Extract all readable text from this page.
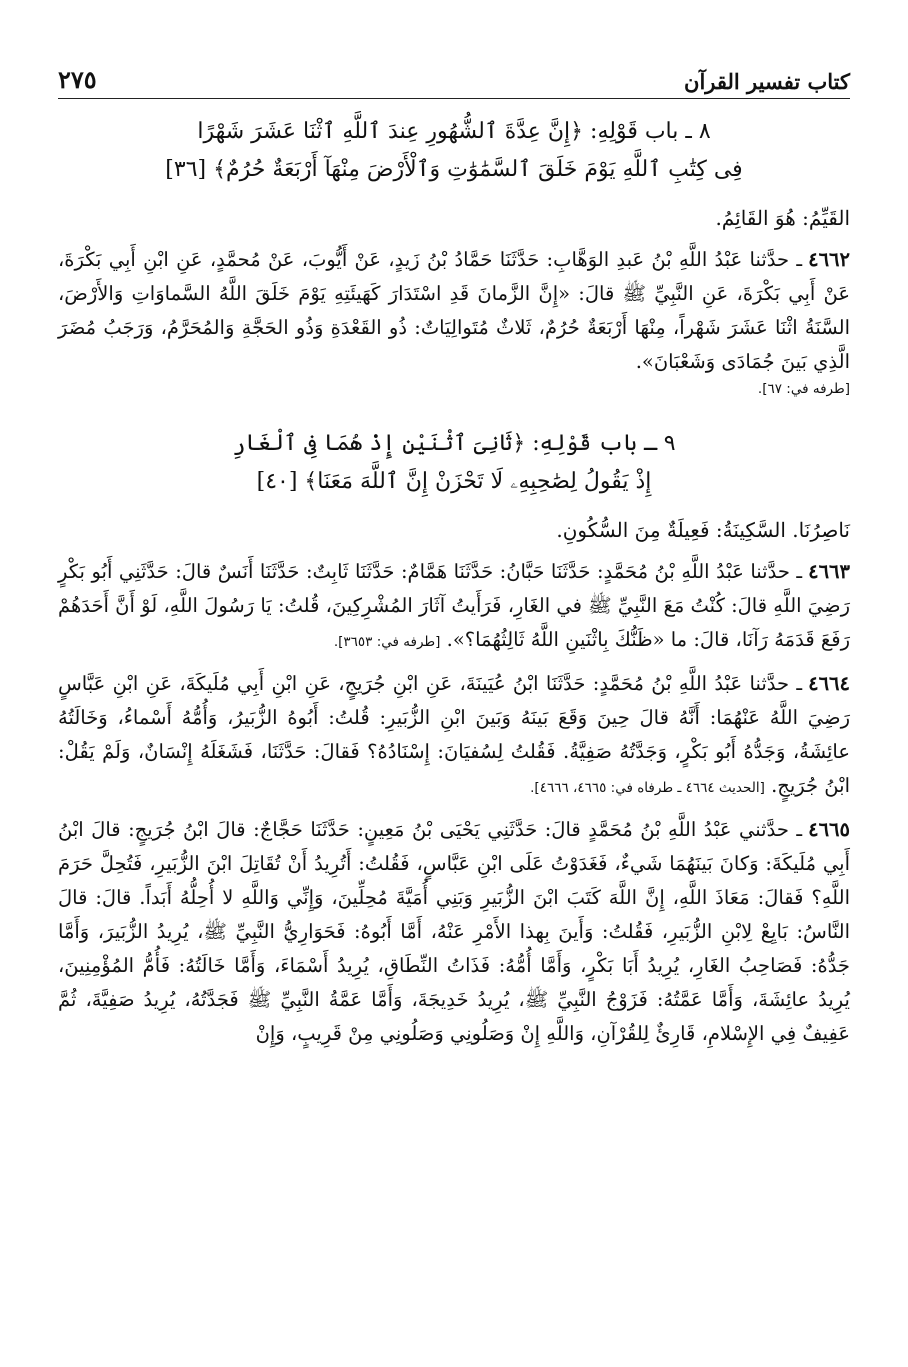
كتاب تفسير القرآن
٢٧٥
٨ ـ باب قَوْلِهِ: ﴿إِنَّ عِدَّةَ ٱلشُّهُورِ عِندَ ٱللَّهِ ٱثْنَا عَشَرَ شَهْرًا
فِى كِتَٰبِ ٱللَّهِ يَوْمَ خَلَقَ ٱلسَّمَٰوَٰتِ وَٱلْأَرْضَ مِنْهَآ أَرْبَعَةٌ حُرُمٌ﴾ [٣٦]
القَيِّمُ: هُوَ القَائِمُ.
٤٦٦٢ـ حدَّثنا عَبْدُ اللَّهِ بْنُ عَبدِ الوَهَّابِ: حَدَّثَنَا حَمَّادُ بْنُ زَيدٍ، عَنْ أَيُّوبَ، عَنْ مُحمَّدٍ، عَنِ ابْنِ أَبِي بَكْرَةَ، عَنْ أَبِي بَكْرَةَ، عَنِ النَّبِيِّ ﷺ قالَ: «إِنَّ الزَّمانَ قَدِ اسْتَدَارَ كَهَيئَتِهِ يَوْمَ خَلَقَ اللَّهُ السَّماوَاتِ وَالأَرْضَ، السَّنَةُ اثْنَا عَشَرَ شَهْراً، مِنْهَا أَرْبَعَةٌ حُرُمٌ، ثَلاثٌ مُتَوالِيَاتٌ: ذُو القَعْدَةِ وَذُو الحَجَّةِ وَالمُحَرَّمُ، وَرَجَبُ مُضَرَ الَّذِي بَينَ جُمَادَى وَشَعْبَانَ».
[طرفه في: ٦٧].
٩ ـ باب قَوْلِهِ: ﴿ثَانِىَ ٱثْنَيْنِ إِذْ هُمَا فِى ٱلْغَارِ
إِذْ يَقُولُ لِصَٰحِبِهِۦ لَا تَحْزَنْ إِنَّ ٱللَّهَ مَعَنَا﴾ [٤٠]
نَاصِرُنَا. السَّكِينَةُ: فَعِيلَةٌ مِنَ السُّكُونِ.
٤٦٦٣ـ حدَّثنا عَبْدُ اللَّهِ بْنُ مُحَمَّدٍ: حَدَّثَنَا حَبَّانُ: حَدَّثَنَا هَمَّامٌ: حَدَّثَنَا ثَابِتٌ: حَدَّثَنَا أَنَسٌ قالَ: حَدَّثَنِي أَبُو بَكْرٍ رَضِيَ اللَّهِ قالَ: كُنْتُ مَعَ النَّبِيِّ ﷺ في الغَارِ، فَرَأَيتُ آثَارَ المُشْرِكِينَ، قُلتُ: يَا رَسُولَ اللَّهِ، لَوْ أَنَّ أَحَدَهُمْ رَفَعَ قَدَمَهُ رَآنَا، قالَ: ما «ظَنُّكَ بِاثْنَينِ اللَّهُ ثَالِثُهُمَا؟». [طرفه في: ٣٦٥٣].
٤٦٦٤ـ حدَّثنا عَبْدُ اللَّهِ بْنُ مُحَمَّدٍ: حَدَّثَنَا ابْنُ عُيَينَةَ، عَنِ ابْنِ جُرَيجٍ، عَنِ ابْنِ أَبِي مُلَيكَةَ، عَنِ ابْنِ عَبَّاسٍ رَضِيَ اللَّهُ عَنْهُمَا: أَنَّهُ قالَ حِينَ وَقَعَ بَينَهُ وَبَينَ ابْنِ الزُّبَيرِ: قُلتُ: أَبُوهُ الزُّبَيرُ، وَأُمُّهُ أَسْماءُ، وَخَالَتُهُ عائِشَةُ، وَجَدُّهُ أَبُو بَكْرٍ، وَجَدَّتُهُ صَفِيَّةُ. فَقُلتُ لِسُفيَانَ: إِسْنَادُهُ؟ فَقالَ: حَدَّثَنَا، فَشَغَلَهُ إِنْسَانٌ، وَلَمْ يَقُلْ: ابْنُ جُرَيجٍ. [الحديث ٤٦٦٤ ـ طرفاه في: ٤٦٦٥، ٤٦٦٦].
٤٦٦٥ـ حدَّثني عَبْدُ اللَّهِ بْنُ مُحَمَّدٍ قالَ: حَدَّثَنِي يَحْيَى بْنُ مَعِينٍ: حَدَّثَنَا حَجَّاجٌ: قالَ ابْنُ جُرَيجٍ: قالَ ابْنُ أَبِي مُلَيكَةَ: وَكانَ بَينَهُمَا شَيءٌ، فَغَدَوْتُ عَلَى ابْنِ عَبَّاسٍ، فَقُلتُ: أَتُرِيدُ أَنْ تُقَاتِلَ ابْنَ الزُّبَيرِ، فَتُحِلَّ حَرَمَ اللَّهِ؟ فَقالَ: مَعَاذَ اللَّهِ، إِنَّ اللَّهَ كَتَبَ ابْنَ الزُّبَيرِ وَبَنِي أُمَيَّةَ مُحِلِّينَ، وَإِنِّي وَاللَّهِ لا أُحِلُّهُ أَبَداً. قالَ: قالَ النَّاسُ: بَايِعْ لِابْنِ الزُّبَيرِ، فَقُلتُ: وَأَينَ بِهذا الأَمْرِ عَنْهُ، أَمَّا أَبُوهُ: فَحَوَارِيُّ النَّبِيِّ ﷺ، يُرِيدُ الزُّبَيرَ، وَأَمَّا جَدُّهُ: فَصَاحِبُ الغَارِ، يُرِيدُ أَبَا بَكْرٍ، وَأَمَّا أُمُّهُ: فَذَاتُ النِّطَاقِ، يُرِيدُ أَسْمَاءَ، وَأَمَّا خَالَتُهُ: فَأُمُّ المُؤْمِنِينَ، يُرِيدُ عائِشَةَ، وَأَمَّا عَمَّتُهُ: فَزَوْجُ النَّبِيِّ ﷺ، يُرِيدُ خَدِيجَةَ، وَأَمَّا عَمَّةُ النَّبِيِّ ﷺ فَجَدَّتُهُ، يُرِيدُ صَفِيَّةَ، ثُمَّ عَفِيفٌ فِي الإِسْلامِ، قَارِئٌ لِلقُرْآنِ، وَاللَّهِ إِنْ وَصَلُونِي وَصَلُونِي مِنْ قَرِيبٍ، وَإِنْ
